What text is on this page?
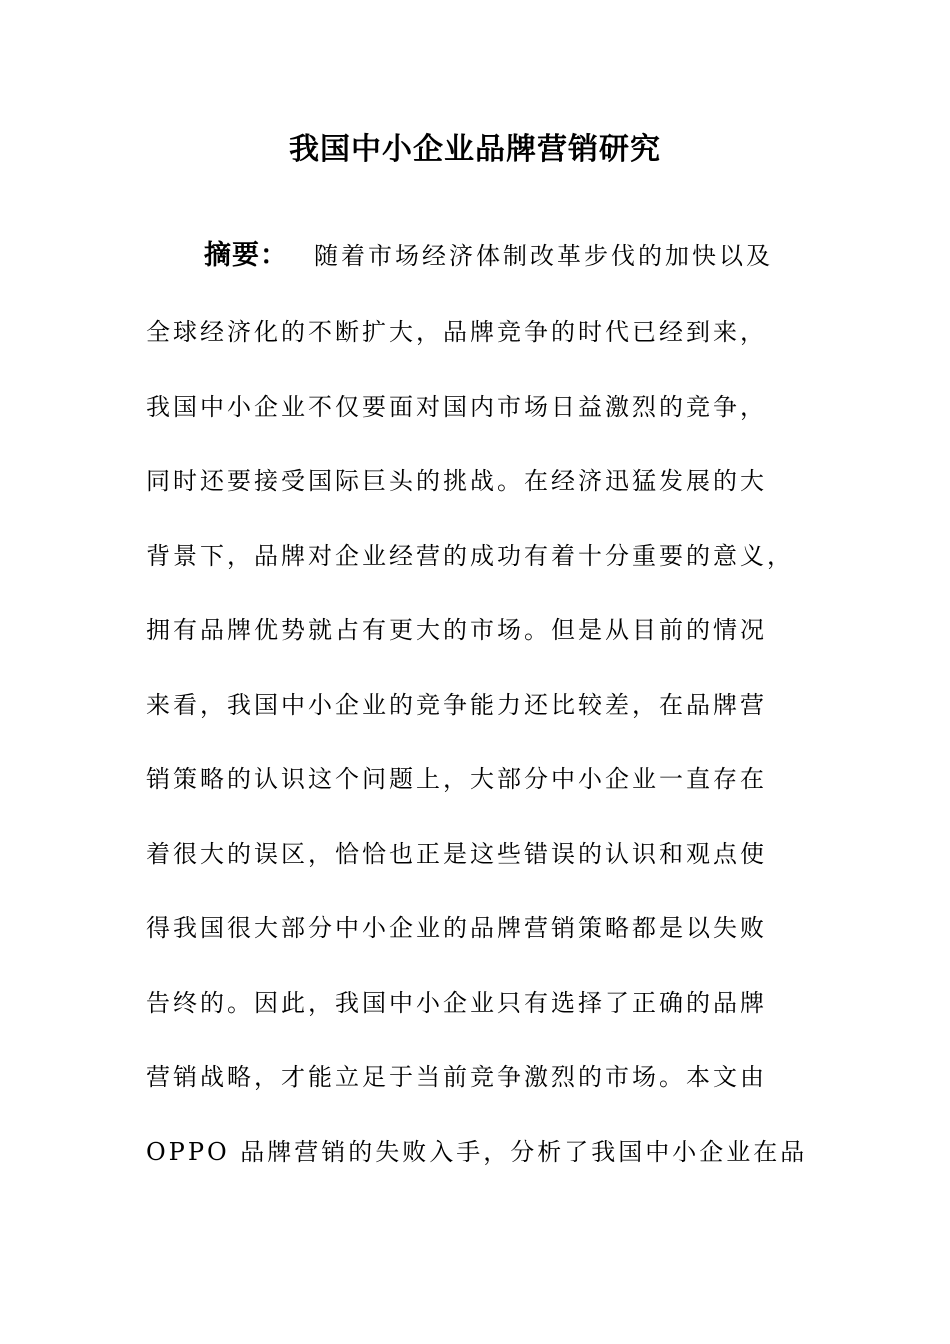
我国中小企业品牌营销研究
摘要： 随着市场经济体制改革步伐的加快以及
全球经济化的不断扩大，品牌竞争的时代已经到来，
我国中小企业不仅要面对国内市场日益激烈的竞争，
同时还要接受国际巨头的挑战。在经济迅猛发展的大
背景下，品牌对企业经营的成功有着十分重要的意义，
拥有品牌优势就占有更大的市场。但是从目前的情况
来看，我国中小企业的竞争能力还比较差，在品牌营
销策略的认识这个问题上，大部分中小企业一直存在
着很大的误区，恰恰也正是这些错误的认识和观点使
得我国很大部分中小企业的品牌营销策略都是以失败
告终的。因此，我国中小企业只有选择了正确的品牌
营销战略，才能立足于当前竞争激烈的市场。本文由
OPPO 品牌营销的失败入手，分析了我国中小企业在品
